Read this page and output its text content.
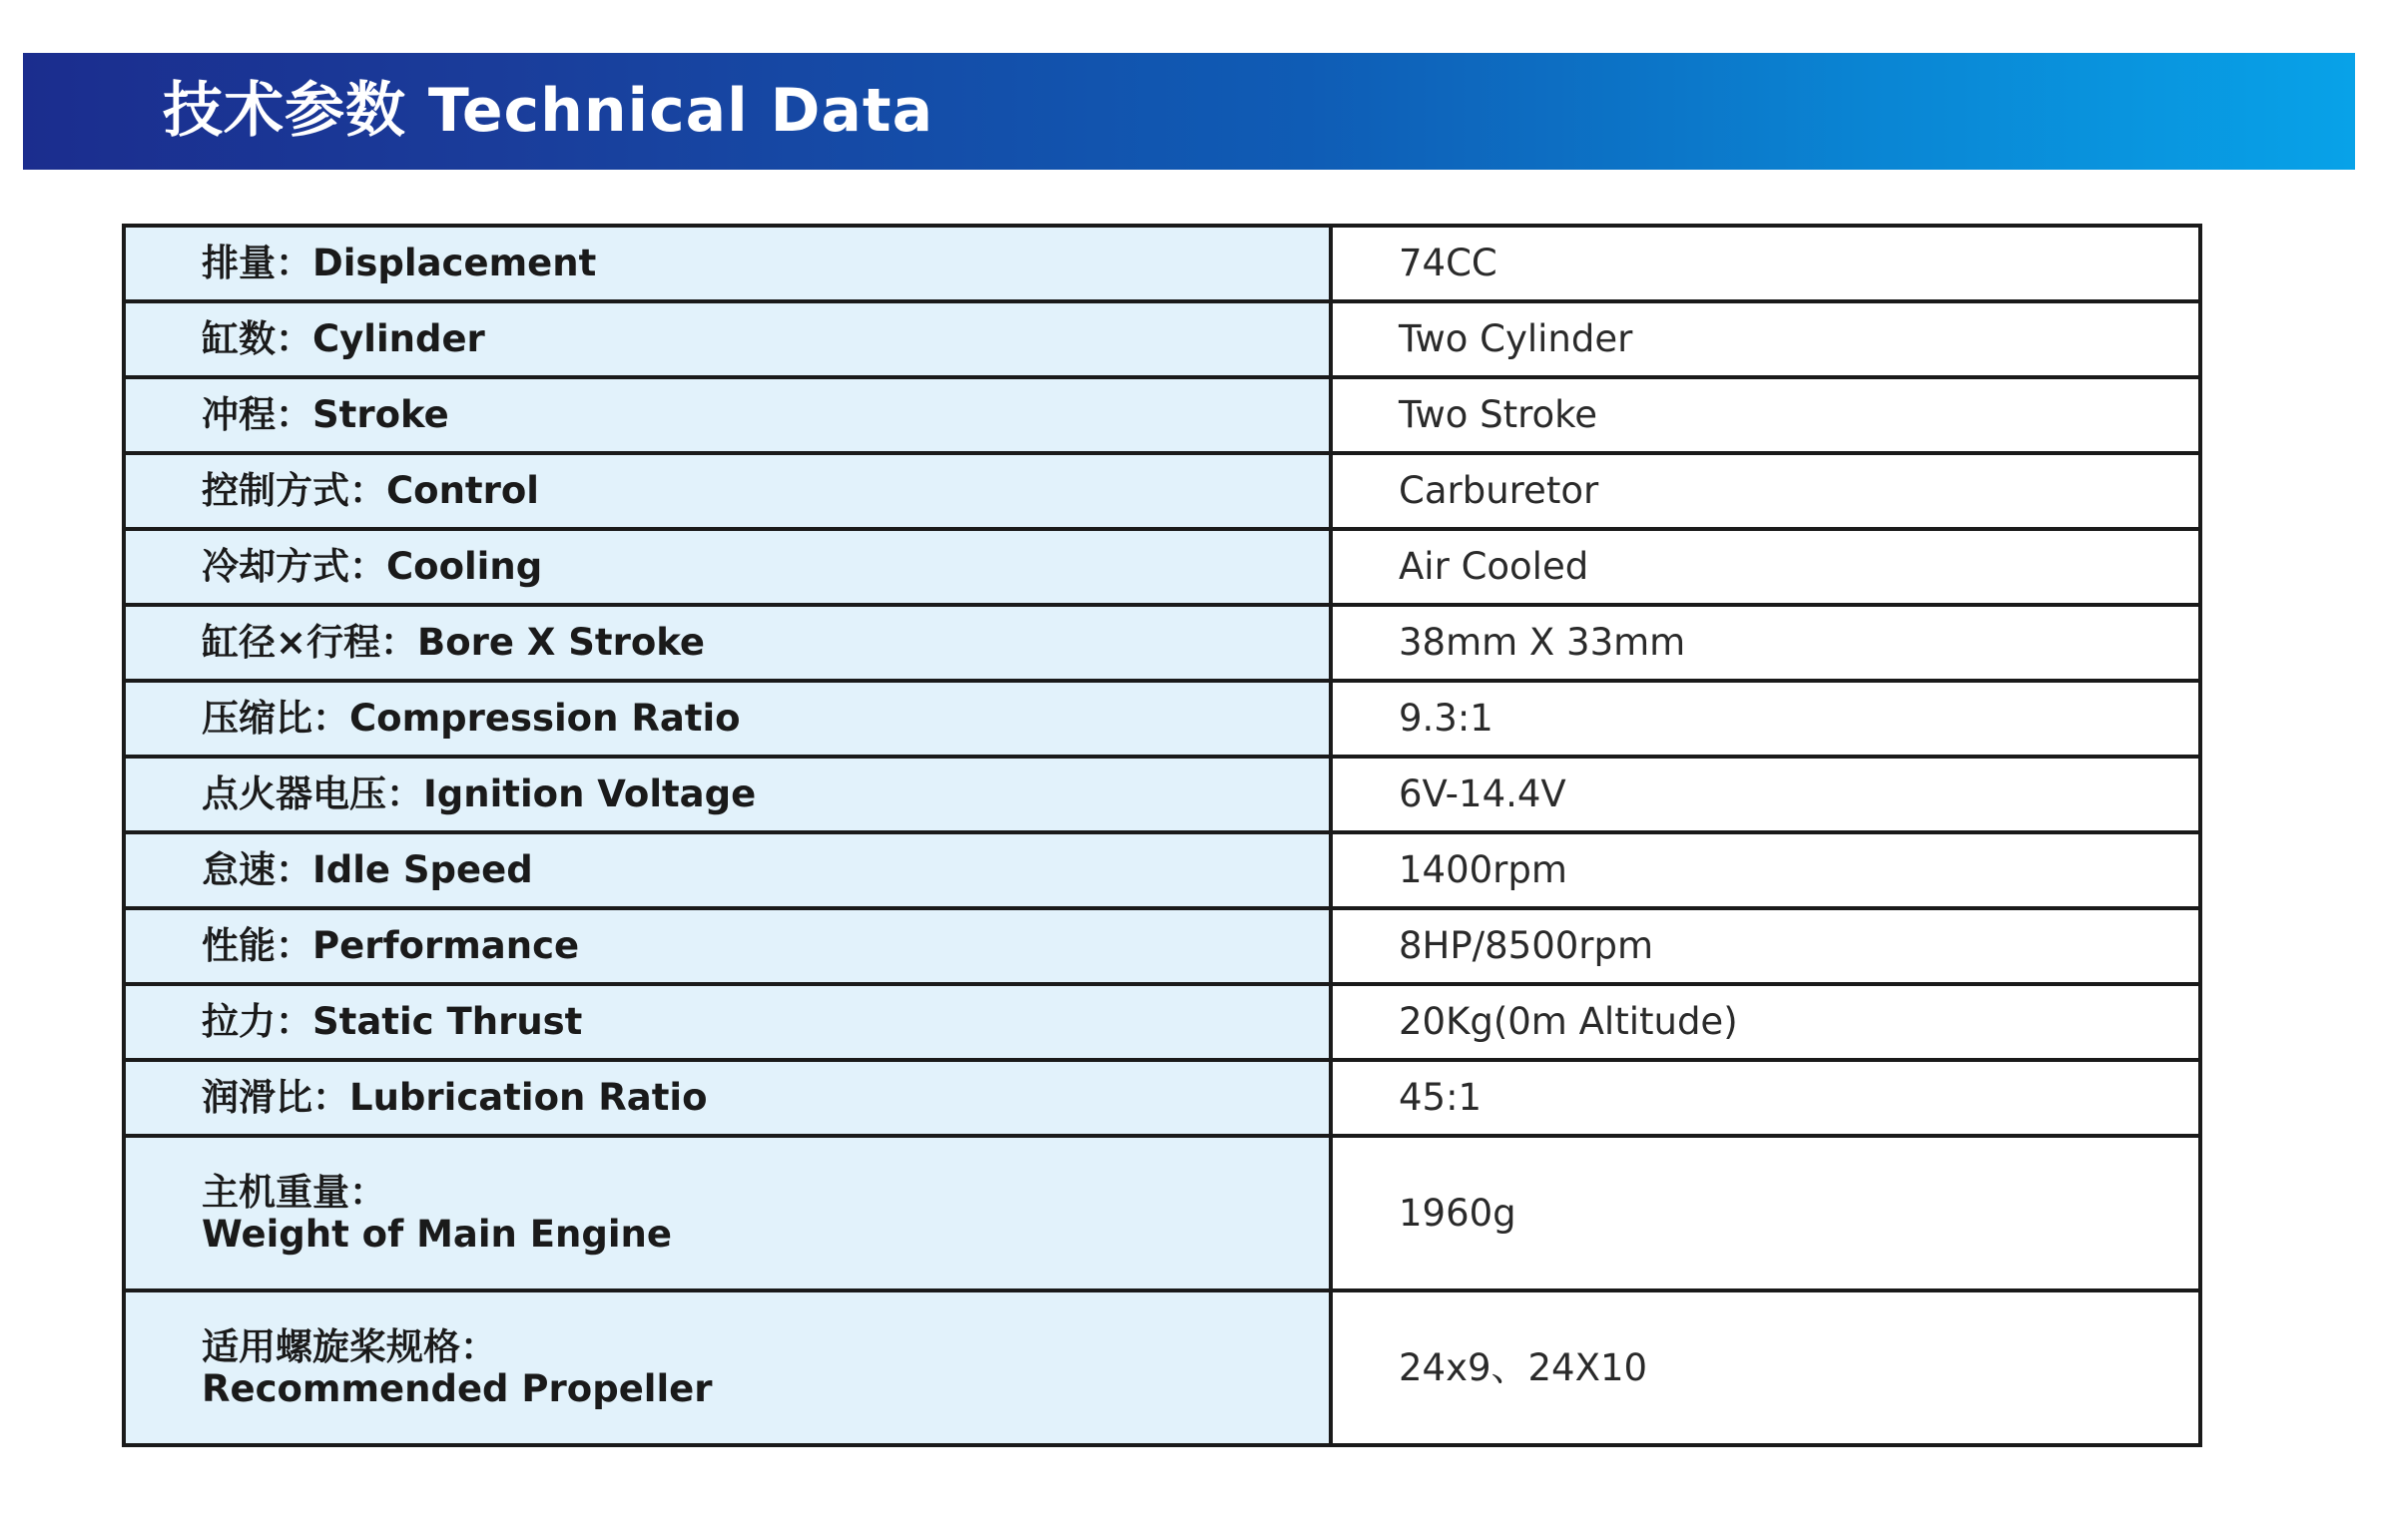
技术参数 Technical Data
排量：Displacement	74CC
缸数：Cylinder	Two Cylinder
冲程：Stroke	Two Stroke
控制方式：Control	Carburetor
冷却方式：Cooling	Air Cooled
缸径×行程：Bore X Stroke	38mm X 33mm
压缩比：Compression Ratio	9.3:1
点火器电压：Ignition Voltage	6V-14.4V
怠速：Idle Speed	1400rpm
性能：Performance	8HP/8500rpm
拉力：Static Thrust	20Kg(0m Altitude)
润滑比：Lubrication Ratio	45:1

主机重量：
Weight of Main Engine	1960g

适用螺旋桨规格：
Recommended Propeller	24x9、24X10
